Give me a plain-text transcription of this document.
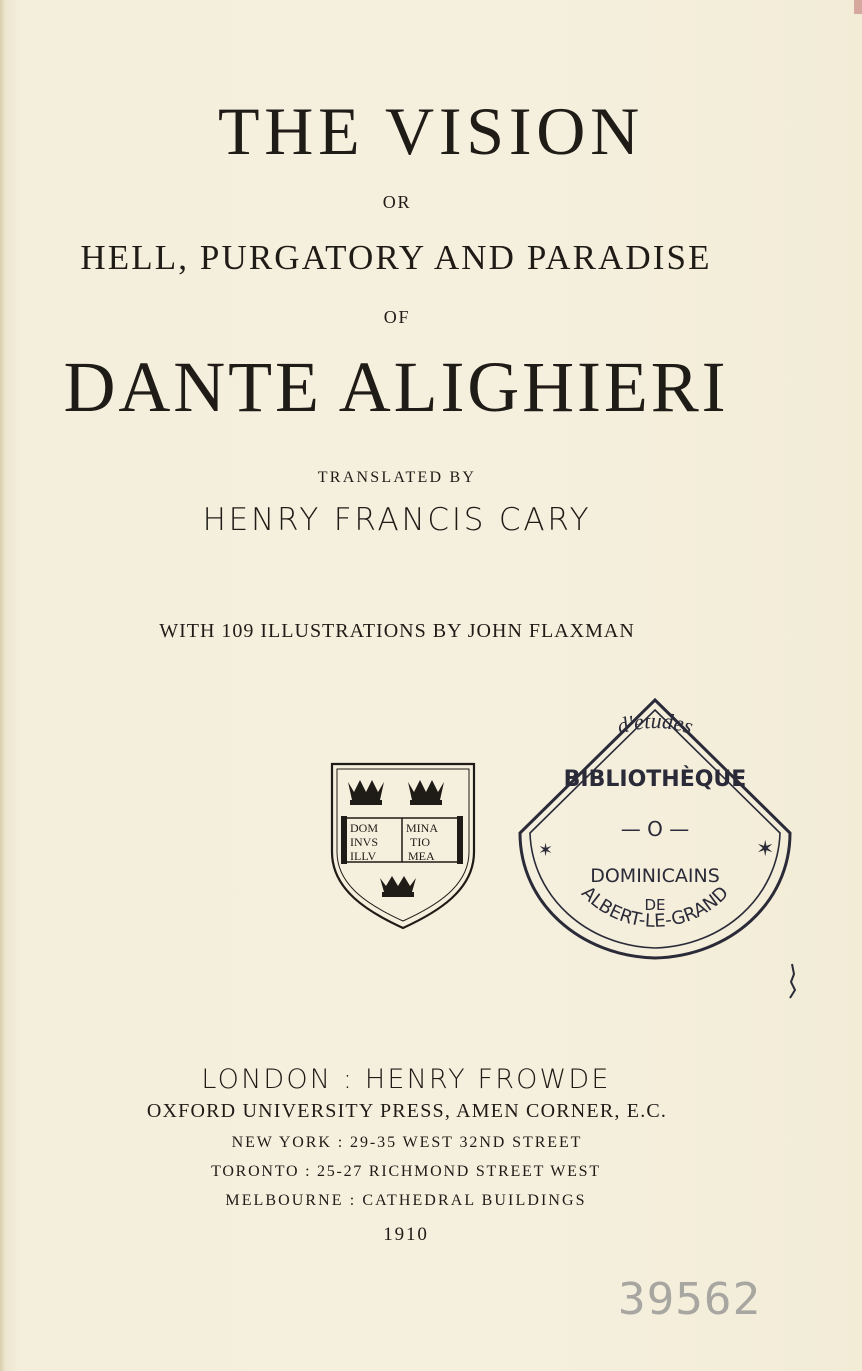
THE VISION
OR
HELL, PURGATORY AND PARADISE
OF
DANTE ALIGHIERI
TRANSLATED BY
HENRY FRANCIS CARY
WITH 109 ILLUSTRATIONS BY JOHN FLAXMAN
DOM
INVS
ILLV
MINA
TIO
MEA
d'études
BIBLIOTHÈQUE
— O —
DOMINICAINS
DE
ALBERT-LE-GRAND
✶	✶
LONDON : HENRY FROWDE
OXFORD UNIVERSITY PRESS, AMEN CORNER, E.C.
NEW YORK : 29-35 WEST 32ND STREET
TORONTO : 25-27 RICHMOND STREET WEST
MELBOURNE : CATHEDRAL BUILDINGS
1910
39562
